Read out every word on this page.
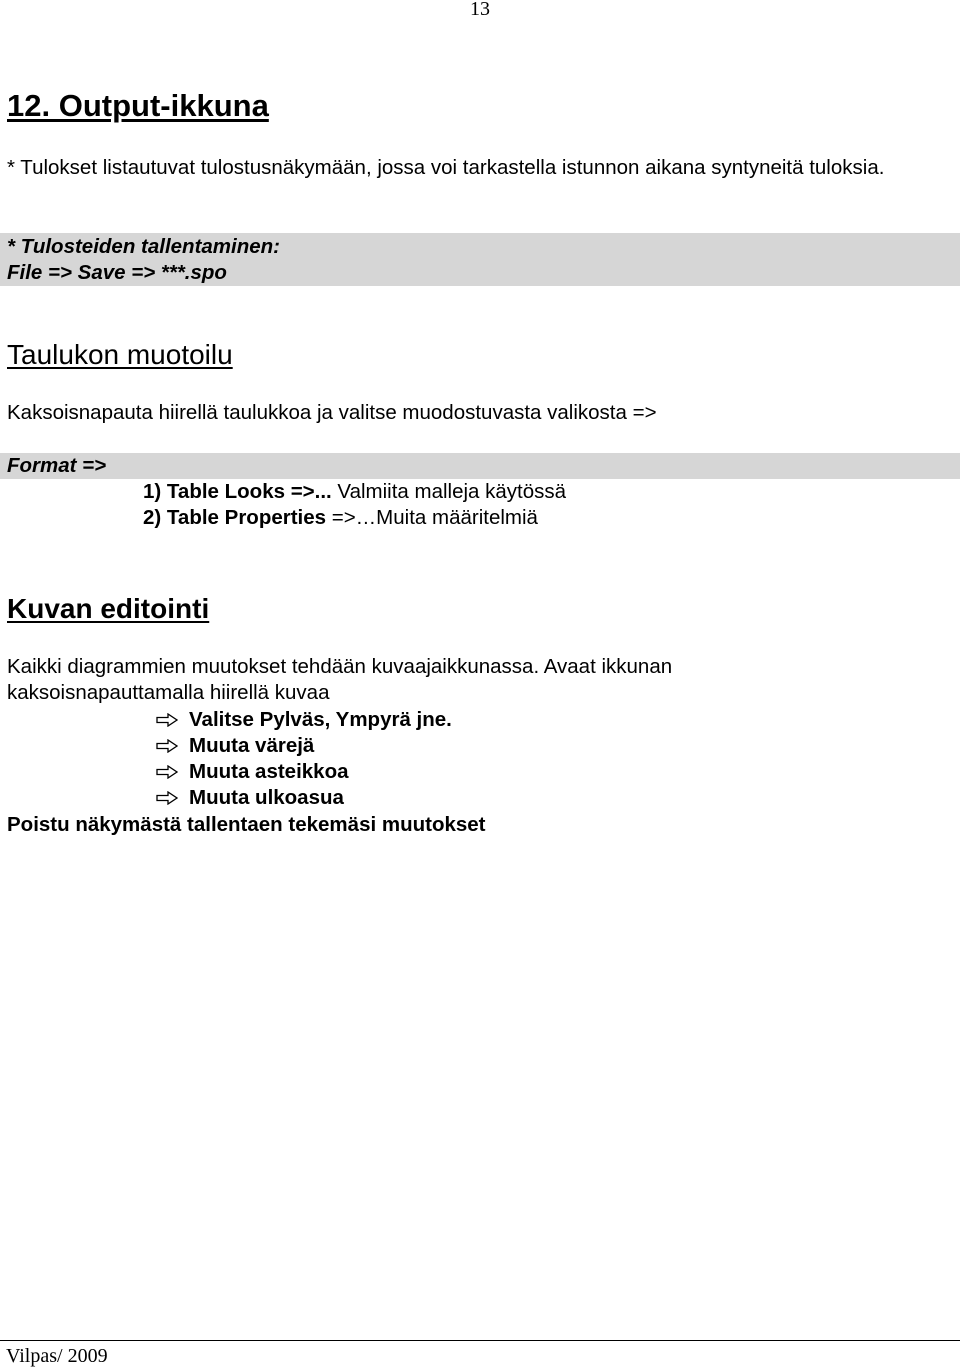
13
12. Output-ikkuna

* Tulokset listautuvat tulostusnäkymään, jossa voi tarkastella istunnon aikana syntyneitä tuloksia.

* Tulosteiden tallentaminen:

File => Save => ***.spo

Taulukon muotoilu

Kaksoisnapauta hiirellä taulukkoa ja valitse muodostuvasta valikosta =>

Format =>

1) Table Looks =>... Valmiita malleja käytössä

2) Table Properties =>…Muita määritelmiä

Kuvan editointi

Kaikki diagrammien muutokset tehdään kuvaajaikkunassa. Avaat ikkunan

kaksoisnapauttamalla hiirellä kuvaa

Valitse Pylväs, Ympyrä jne.

Muuta värejä

Muuta asteikkoa

Muuta ulkoasua

Poistu näkymästä tallentaen tekemäsi muutokset

Vilpas/ 2009
